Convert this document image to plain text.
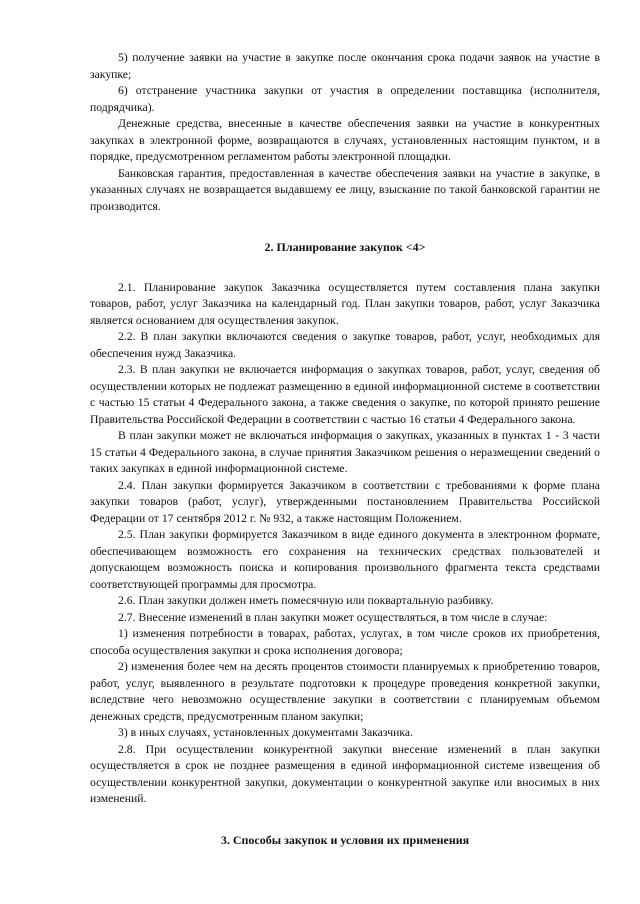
5) получение заявки на участие в закупке после окончания срока подачи заявок на участие в закупке;

6) отстранение участника закупки от участия в определении поставщика (исполнителя, подрядчика).

Денежные средства, внесенные в качестве обеспечения заявки на участие в конкурентных закупках в электронной форме, возвращаются в случаях, установленных настоящим пунктом, и в порядке, предусмотренном регламентом работы электронной площадки.

Банковская гарантия, предоставленная в качестве обеспечения заявки на участие в закупке, в указанных случаях не возвращается выдавшему ее лицу, взыскание по такой банковской гарантии не производится.

2. Планирование закупок <4>

2.1. Планирование закупок Заказчика осуществляется путем составления плана закупки товаров, работ, услуг Заказчика на календарный год. План закупки товаров, работ, услуг Заказчика является основанием для осуществления закупок.

2.2. В план закупки включаются сведения о закупке товаров, работ, услуг, необходимых для обеспечения нужд Заказчика.

2.3. В план закупки не включается информация о закупках товаров, работ, услуг, сведения об осуществлении которых не подлежат размещению в единой информационной системе в соответствии с частью 15 статьи 4 Федерального закона, а также сведения о закупке, по которой принято решение Правительства Российской Федерации в соответствии с частью 16 статьи 4 Федерального закона.

В план закупки может не включаться информация о закупках, указанных в пунктах 1 - 3 части 15 статьи 4 Федерального закона, в случае принятия Заказчиком решения о неразмещении сведений о таких закупках в единой информационной системе.

2.4. План закупки формируется Заказчиком в соответствии с требованиями к форме плана закупки товаров (работ, услуг), утвержденными постановлением Правительства Российской Федерации от 17 сентября 2012 г. № 932, а также настоящим Положением.

2.5. План закупки формируется Заказчиком в виде единого документа в электронном формате, обеспечивающем возможность его сохранения на технических средствах пользователей и допускающем возможность поиска и копирования произвольного фрагмента текста средствами соответствующей программы для просмотра.

2.6. План закупки должен иметь помесячную или поквартальную разбивку.

2.7. Внесение изменений в план закупки может осуществляться, в том числе в случае:

1) изменения потребности в товарах, работах, услугах, в том числе сроков их приобретения, способа осуществления закупки и срока исполнения договора;

2) изменения более чем на десять процентов стоимости планируемых к приобретению товаров, работ, услуг, выявленного в результате подготовки к процедуре проведения конкретной закупки, вследствие чего невозможно осуществление закупки в соответствии с планируемым объемом денежных средств, предусмотренным планом закупки;

3) в иных случаях, установленных документами Заказчика.

2.8. При осуществлении конкурентной закупки внесение изменений в план закупки осуществляется в срок не позднее размещения в единой информационной системе извещения об осуществлении конкурентной закупки, документации о конкурентной закупке или вносимых в них изменений.

3. Способы закупок и условия их применения
